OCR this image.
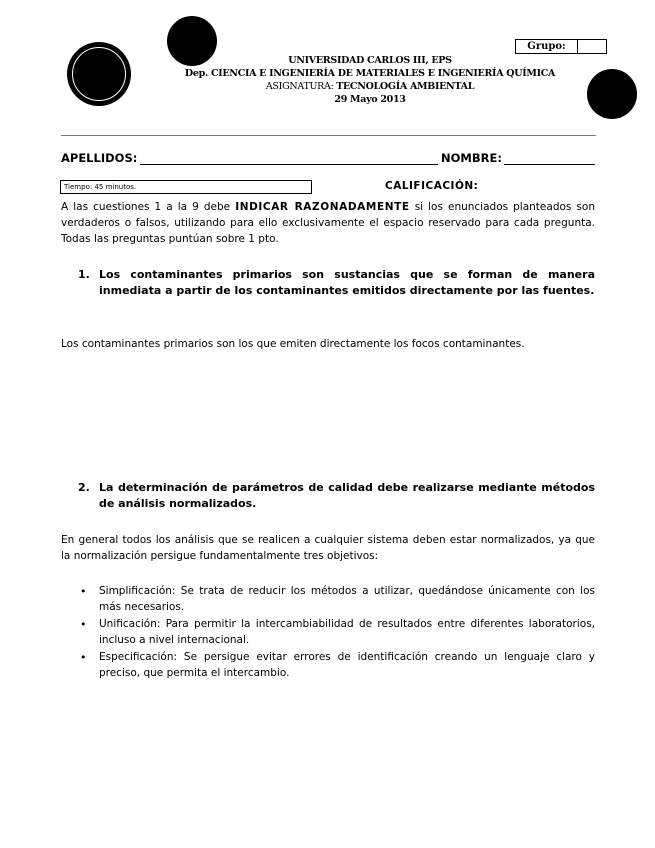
Grupo:
UNIVERSIDAD CARLOS III, EPS
Dep. CIENCIA E INGENIERÍA DE MATERIALES E INGENIERÍA QUÍMICA
ASIGNATURA: TECNOLOGÍA AMBIENTAL
29 Mayo 2013
APELLIDOS:	NOMBRE:
Tiempo: 45 minutos.	CALIFICACIÓN:
A las cuestiones 1 a la 9 debe INDICAR RAZONADAMENTE si los enunciados planteados son verdaderos o falsos, utilizando para ello exclusivamente el espacio reservado para cada pregunta. Todas las preguntas puntúan sobre 1 pto.
1. Los contaminantes primarios son sustancias que se forman de manera inmediata a partir de los contaminantes emitidos directamente por las fuentes.
Los contaminantes primarios son los que emiten directamente los focos contaminantes.
2. La determinación de parámetros de calidad debe realizarse mediante métodos de análisis normalizados.
En general todos los análisis que se realicen a cualquier sistema deben estar normalizados, ya que la normalización persigue fundamentalmente tres objetivos:
• Simplificación: Se trata de reducir los métodos a utilizar, quedándose únicamente con los más necesarios.
• Unificación: Para permitir la intercambiabilidad de resultados entre diferentes laboratorios, incluso a nivel internacional.
• Especificación: Se persigue evitar errores de identificación creando un lenguaje claro y preciso, que permita el intercambio.
